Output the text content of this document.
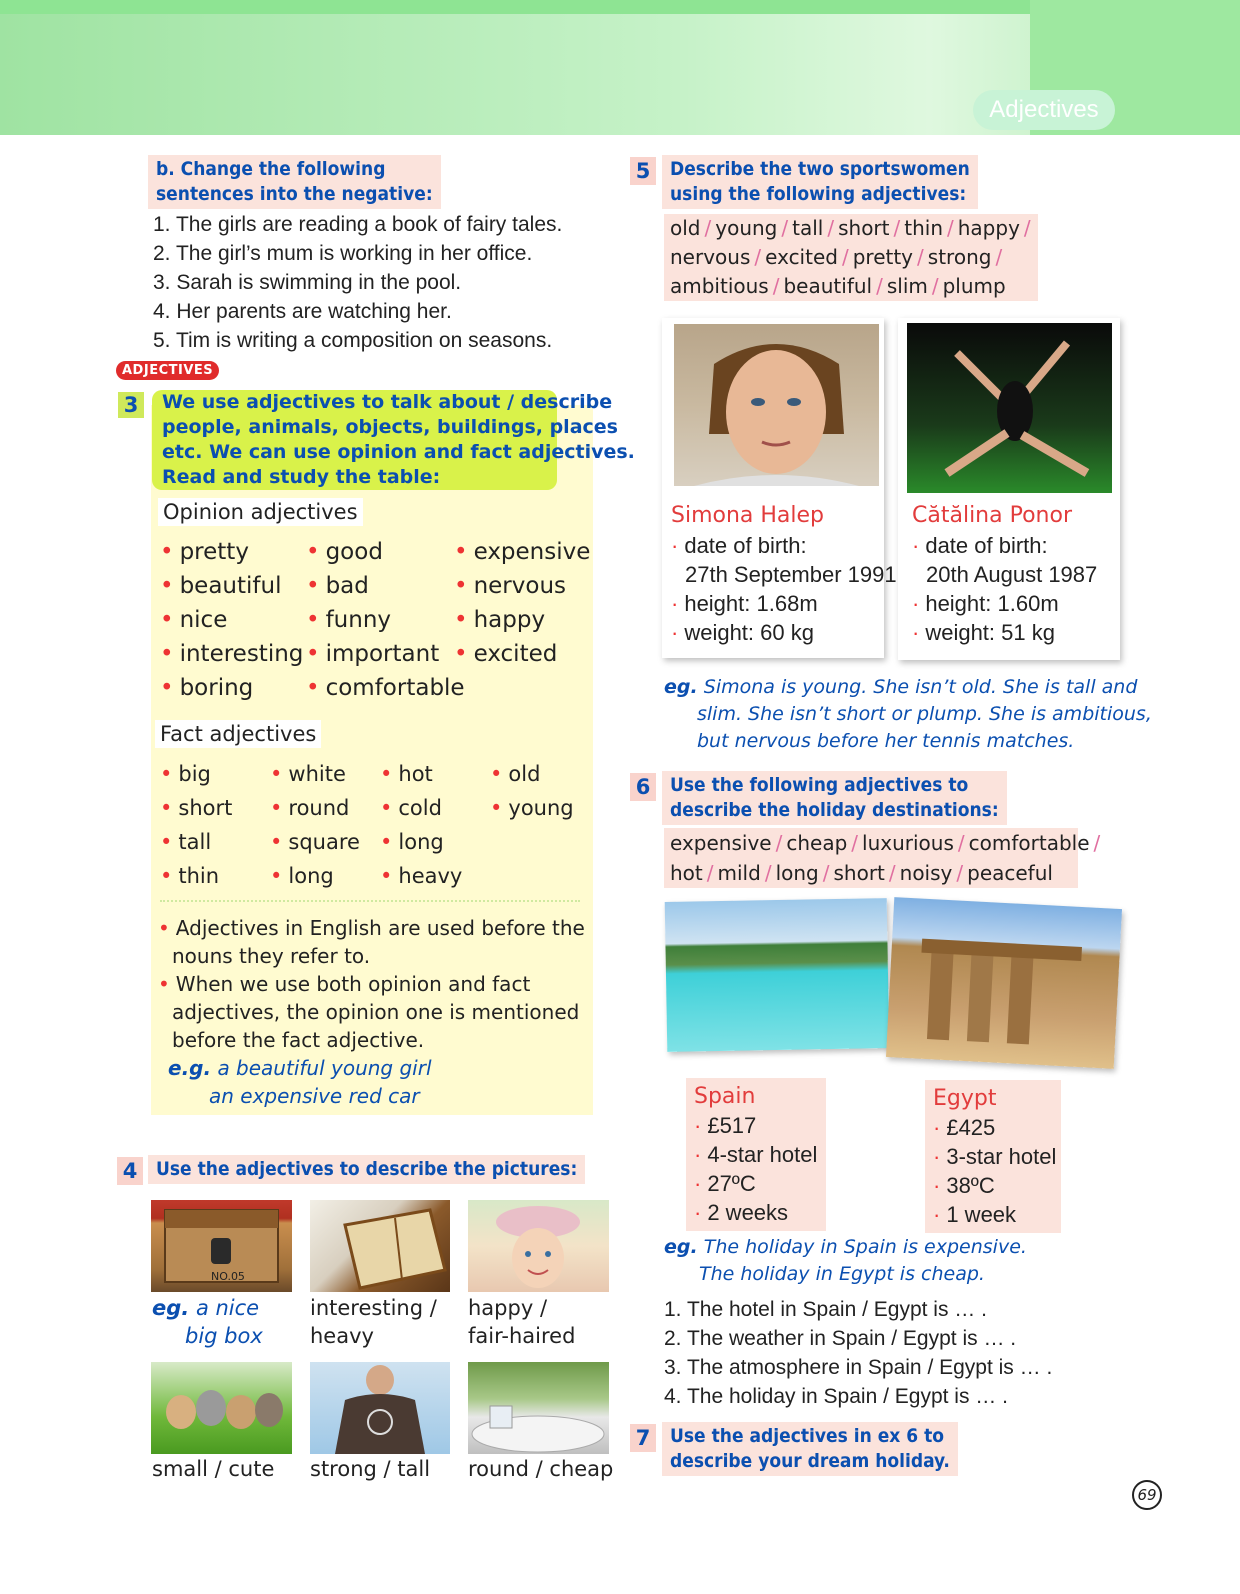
Adjectives
b. Change the following
sentences into the negative:
1. The girls are reading a book of fairy tales.
2. The girl’s mum is working in her office.
3. Sarah is swimming in the pool.
4. Her parents are watching her.
5. Tim is writing a composition on seasons.
ADJECTIVES
3 We use adjectives to talk about / describe
people, animals, objects, buildings, places
etc. We can use opinion and fact adjectives.
Read and study the table:
Opinion adjectives
• pretty
• beautiful
• nice
• interesting
• boring
• good
• bad
• funny
• important
• comfortable
• expensive
• nervous
• happy
• excited
Fact adjectives
• big
• short
• tall
• thin
• white
• round
• square
• long
• hot
• cold
• long
• heavy
• old
• young
• Adjectives in English are used before the
nouns they refer to.
• When we use both opinion and fact
adjectives, the opinion one is mentioned
before the fact adjective.
e.g. a beautiful young girl
an expensive red car
4 Use the adjectives to describe the pictures:
NO.05
eg. a nice
big box
interesting /
heavy
happy /
fair-haired
small / cute strong / tall round / cheap
5 Describe the two sportswomen
using the following adjectives:
old / young / tall / short / thin / happy /
nervous / excited / pretty / strong /
ambitious / beautiful / slim / plump
Simona Halep
· date of birth:
27th September 1991
· height: 1.68m
· weight: 60 kg
Cătălina Ponor
· date of birth:
20th August 1987
· height: 1.60m
· weight: 51 kg
eg. Simona is young. She isn’t old. She is tall and
slim. She isn’t short or plump. She is ambitious,
but nervous before her tennis matches.
6 Use the following adjectives to
describe the holiday destinations:
expensive / cheap / luxurious / comfortable /
hot / mild / long / short / noisy / peaceful
Spain
· £517
· 4-star hotel
· 27ºC
· 2 weeks
Egypt
· £425
· 3-star hotel
· 38ºC
· 1 week
eg. The holiday in Spain is expensive.
The holiday in Egypt is cheap.
1. The hotel in Spain / Egypt is … .
2. The weather in Spain / Egypt is … .
3. The atmosphere in Spain / Egypt is … .
4. The holiday in Spain / Egypt is … .
7 Use the adjectives in ex 6 to
describe your dream holiday.
69
